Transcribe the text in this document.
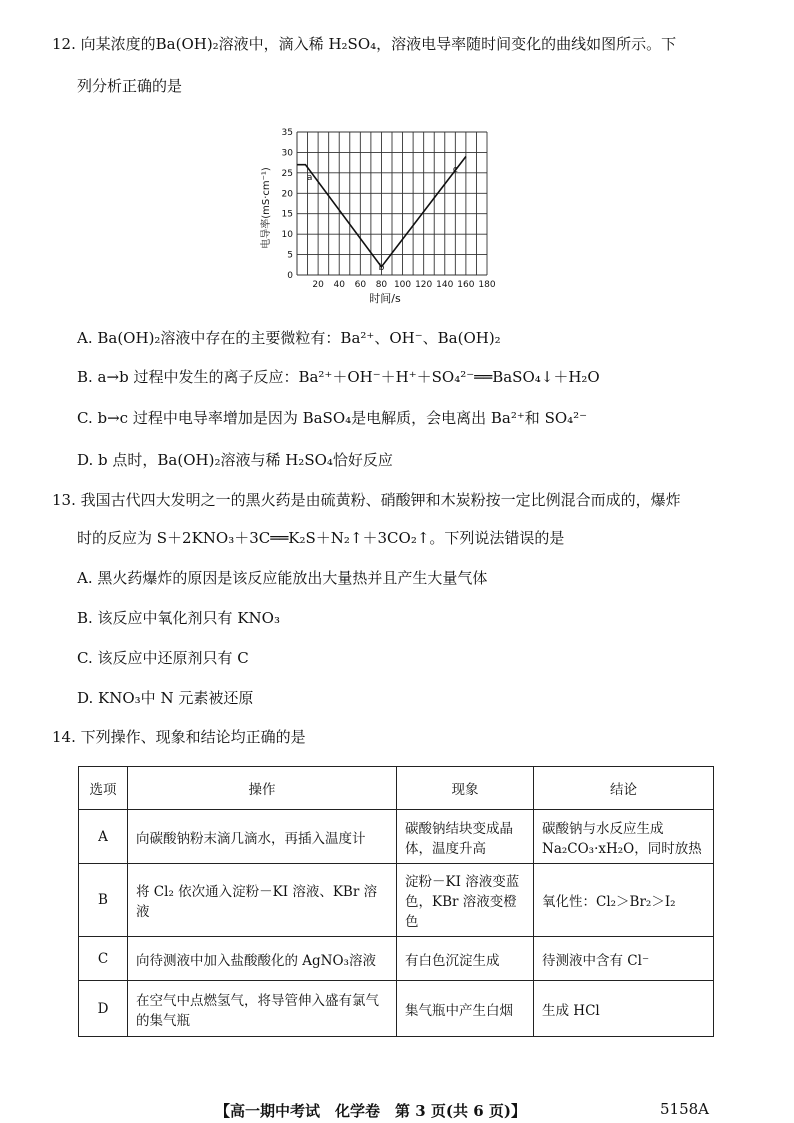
12. 向某浓度的Ba(OH)₂溶液中，滴入稀 H₂SO₄，溶液电导率随时间变化的曲线如图所示。下
列分析正确的是
20 40 60 80 100 120 140 160 180
0
5
10
15
20
25
30
35
a
b
c
时间/s
电导率(mS·cm⁻¹)
A. Ba(OH)₂溶液中存在的主要微粒有：Ba²⁺、OH⁻、Ba(OH)₂
B. a→b 过程中发生的离子反应：Ba²⁺＋OH⁻＋H⁺＋SO₄²⁻══BaSO₄↓＋H₂O
C. b→c 过程中电导率增加是因为 BaSO₄是电解质，会电离出 Ba²⁺和 SO₄²⁻
D. b 点时，Ba(OH)₂溶液与稀 H₂SO₄恰好反应
13. 我国古代四大发明之一的黑火药是由硫黄粉、硝酸钾和木炭粉按一定比例混合而成的，爆炸
时的反应为 S＋2KNO₃＋3C══K₂S＋N₂↑＋3CO₂↑。下列说法错误的是
A. 黑火药爆炸的原因是该反应能放出大量热并且产生大量气体
B. 该反应中氧化剂只有 KNO₃
C. 该反应中还原剂只有 C
D. KNO₃中 N 元素被还原
14. 下列操作、现象和结论均正确的是
选项	操作	现象	结论
A	向碳酸钠粉末滴几滴水，再插入温度计	碳酸钠结块变成晶体，温度升高	碳酸钠与水反应生成 Na₂CO₃·xH₂O，同时放热
B	将 Cl₂ 依次通入淀粉－KI 溶液、KBr 溶液	淀粉－KI 溶液变蓝色，KBr 溶液变橙色	氧化性：Cl₂＞Br₂＞I₂
C	向待测液中加入盐酸酸化的 AgNO₃溶液	有白色沉淀生成	待测液中含有 Cl⁻
D	在空气中点燃氢气，将导管伸入盛有氯气的集气瓶	集气瓶中产生白烟	生成 HCl
【高一期中考试　化学卷　第 3 页(共 6 页)】	5158A
